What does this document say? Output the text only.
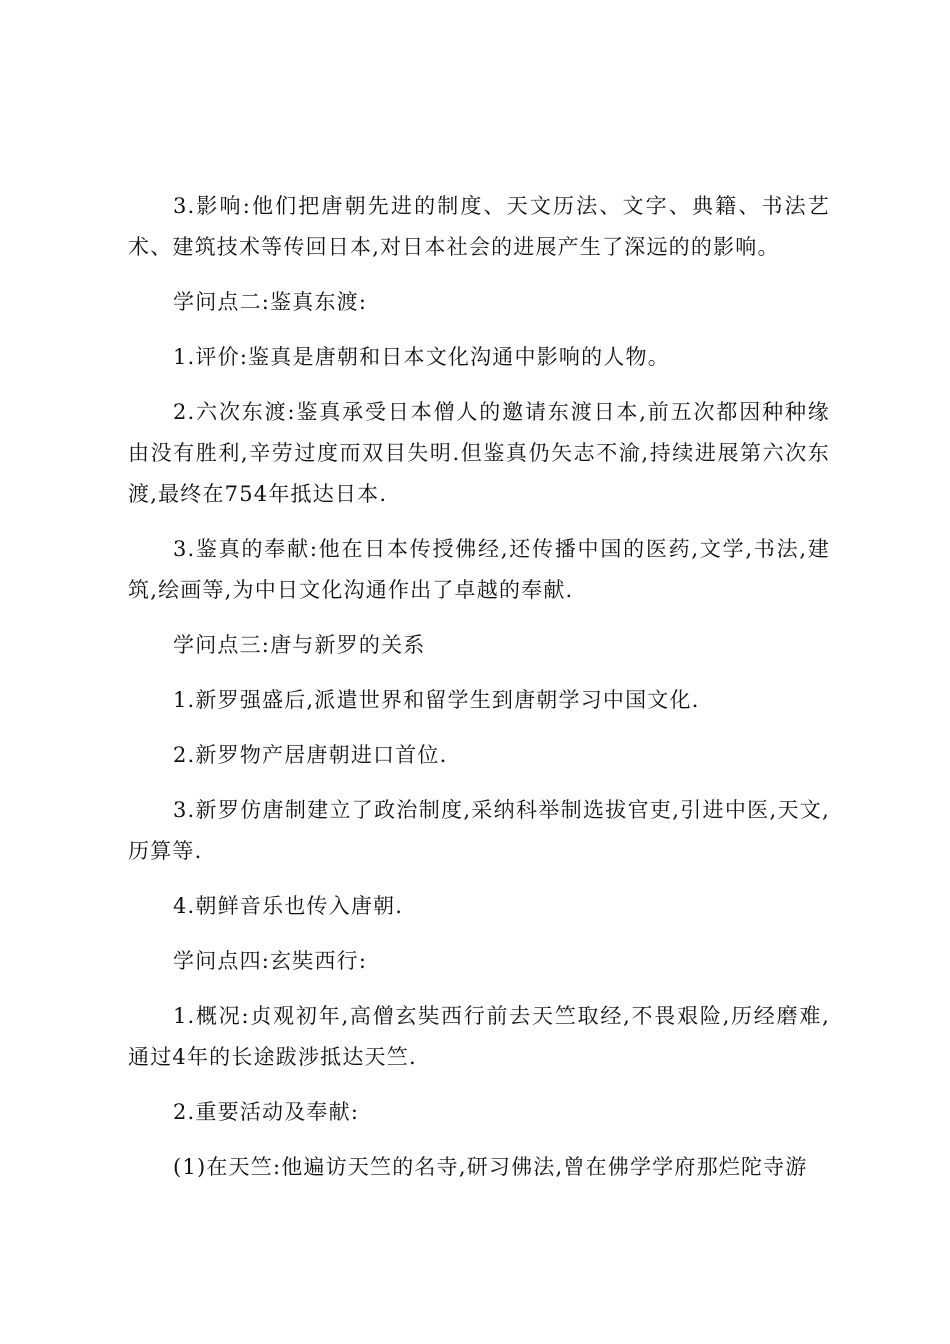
3.影响:他们把唐朝先进的制度、天文历法、文字、典籍、书法艺术、建筑技术等传回日本,对日本社会的进展产生了深远的的影响。

学问点二:鉴真东渡:

1.评价:鉴真是唐朝和日本文化沟通中影响的人物。

2.六次东渡:鉴真承受日本僧人的邀请东渡日本,前五次都因种种缘由没有胜利,辛劳过度而双目失明.但鉴真仍矢志不渝,持续进展第六次东渡,最终在754年抵达日本.

3.鉴真的奉献:他在日本传授佛经,还传播中国的医药,文学,书法,建筑,绘画等,为中日文化沟通作出了卓越的奉献.

学问点三:唐与新罗的关系

1.新罗强盛后,派遣世界和留学生到唐朝学习中国文化.

2.新罗物产居唐朝进口首位.

3.新罗仿唐制建立了政治制度,采纳科举制选拔官吏,引进中医,天文,历算等.

4.朝鲜音乐也传入唐朝.

学问点四:玄奘西行:

1.概况:贞观初年,高僧玄奘西行前去天竺取经,不畏艰险,历经磨难,通过4年的长途跋涉抵达天竺.

2.重要活动及奉献:

(1)在天竺:他遍访天竺的名寺,研习佛法,曾在佛学学府那烂陀寺游
